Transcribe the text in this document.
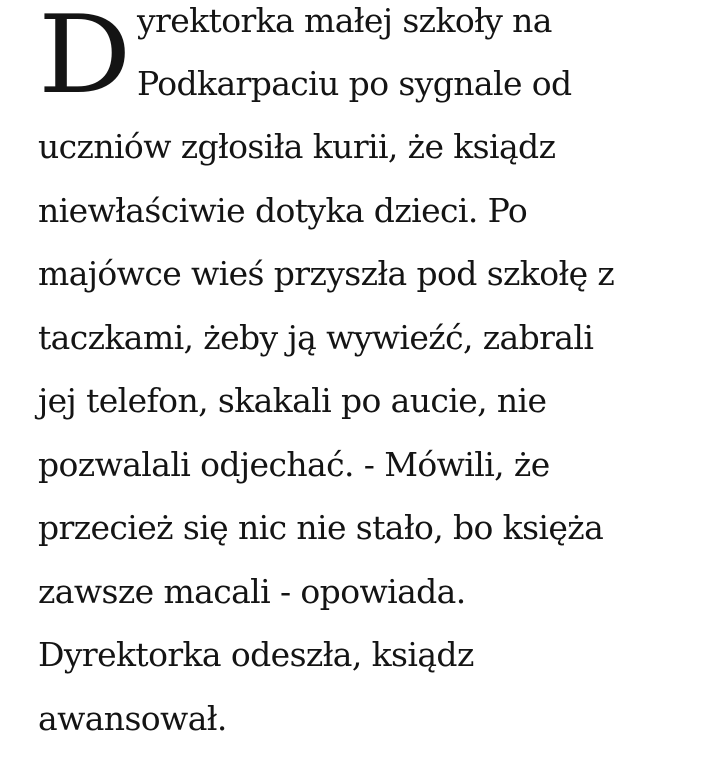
D yrektorka małej szkoły na
Podkarpaciu po sygnale od
uczniów zgłosiła kurii, że ksiądz
niewłaściwie dotyka dzieci. Po
majówce wieś przyszła pod szkołę z
taczkami, żeby ją wywieźć, zabrali
jej telefon, skakali po aucie, nie
pozwalali odjechać. - Mówili, że
przecież się nic nie stało, bo księża
zawsze macali - opowiada.
Dyrektorka odeszła, ksiądz
awansował.
